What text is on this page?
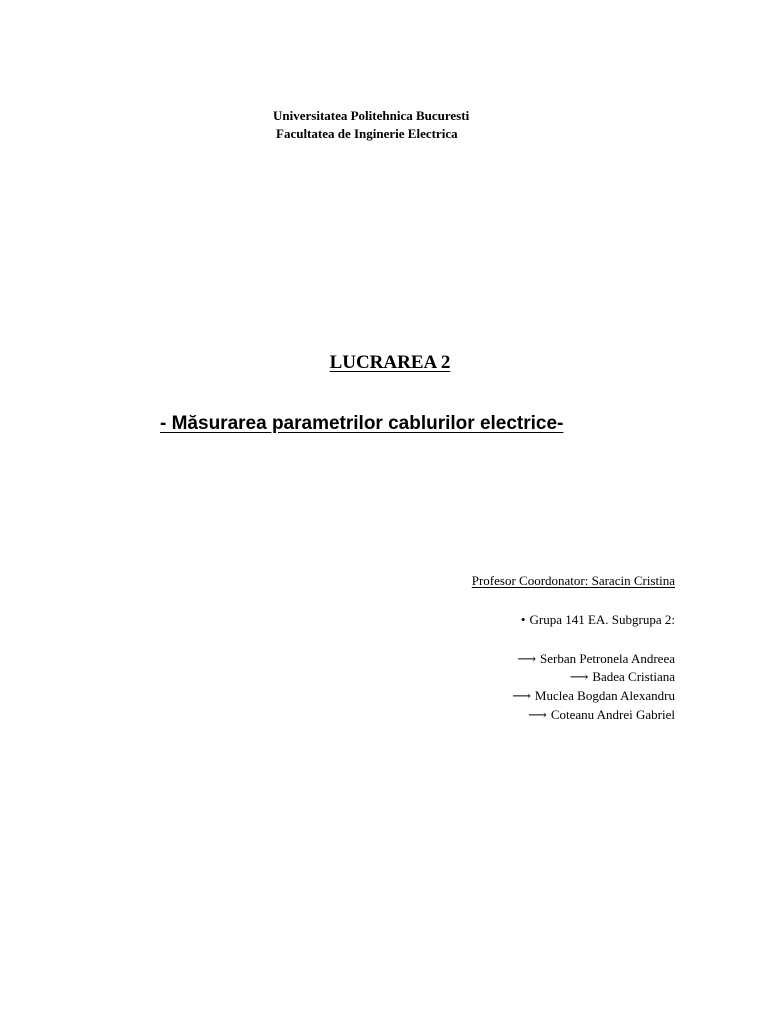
Universitatea Politehnica Bucuresti
Facultatea de Inginerie Electrica
LUCRAREA 2
- Măsurarea parametrilor cablurilor electrice-
Profesor Coordonator: Saracin Cristina
• Grupa 141 EA. Subgrupa 2:
⟶ Serban Petronela Andreea
⟶ Badea Cristiana
⟶ Muclea Bogdan Alexandru
⟶ Coteanu Andrei Gabriel
